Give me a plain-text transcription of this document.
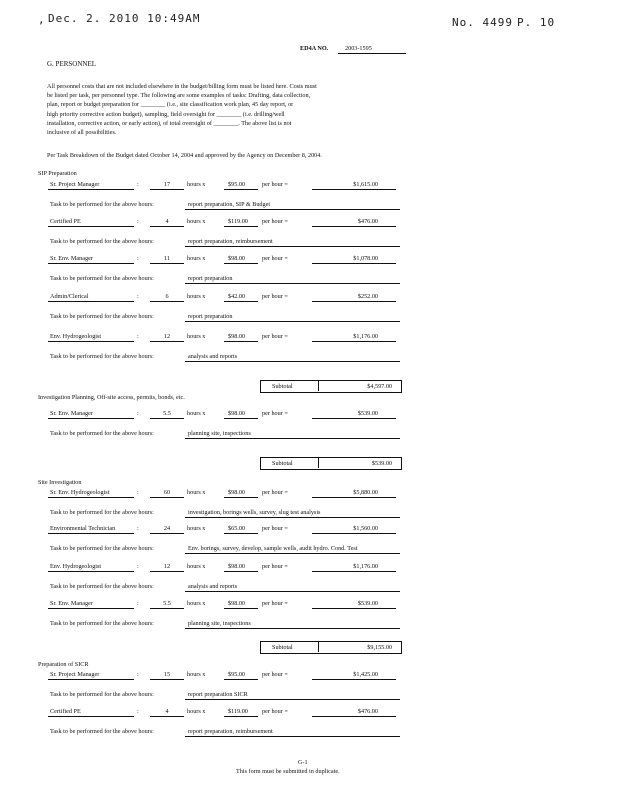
, Dec. 2. 2010 10:49AM	No. 4499 P. 10
ED4A NO.	2003-1595
G. PERSONNEL
All personnel costs that are not included elsewhere in the budget/billing form must be listed here. Costs must
be listed per task, per personnel type. The following are some examples of tasks: Drafting, data collection,
plan, report or budget preparation for ________ (i.e., site classification work plan, 45 day report, or
high priority corrective action budget), sampling, field oversight for ________ (i.e. drilling/well
installation, corrective action, or early action), of total oversight of ________. The above list is not
inclusive of all possibilities.
Per Task Breakdown of the Budget dated October 14, 2004 and approved by the Agency on December 8, 2004.
SIP Preparation
Sr. Project Manager	:	17	hours x	$95.00	per hour =	$1,615.00
Task to be performed for the above hours:	report preparation, SIP & Budget
Certified PE	:	4	hours x	$119.00 per hour =	$476.00
Task to be performed for the above hours:	report preparation, reimbursement
Sr. Env. Manager	:	11	hours x	$98.00	per hour =	$1,078.00
Task to be performed for the above hours:	report preparation
Admin/Clerical	:	6	hours x	$42.00	per hour =	$252.00
Task to be performed for the above hours:	report preparation
Env. Hydrogeologist	:	12	hours x	$98.00	per hour =	$1,176.00
Task to be performed for the above hours:	analysis and reports
Subtotal	$4,597.00
Investigation Planning, Off-site access, permits, bonds, etc.
Sr. Env. Manager	:	5.5	hours x	$98.00	per hour =	$539.00
Task to be performed for the above hours:	planning site, inspections
Subtotal	$539.00
Site Investigation
Sr. Env. Hydrogeologist	:	60	hours x	$98.00	per hour =	$5,880.00
Task to be performed for the above hours:	investigation, borings wells, survey, slug test analysis
Environmental Technician	:	24	hours x	$65.00	per hour =	$1,560.00
Task to be performed for the above hours:	Env. borings, survey, develop, sample wells, audit hydro. Cond. Test
Env. Hydrogeologist	:	12	hours x	$98.00	per hour =	$1,176.00
Task to be performed for the above hours:	analysis and reports
Sr. Env. Manager	:	5.5	hours x	$98.00	per hour =	$539.00
Task to be performed for the above hours:	planning site, inspections
Subtotal	$9,155.00
Preparation of SICR
Sr. Project Manager	:	15	hours x	$95.00	per hour =	$1,425.00
Task to be performed for the above hours:	report preparation SICR
Certified PE	:	4	hours x	$119.00 per hour =	$476.00
Task to be performed for the above hours:	report preparation, reimbursement
G-1
This form must be submitted in duplicate.
